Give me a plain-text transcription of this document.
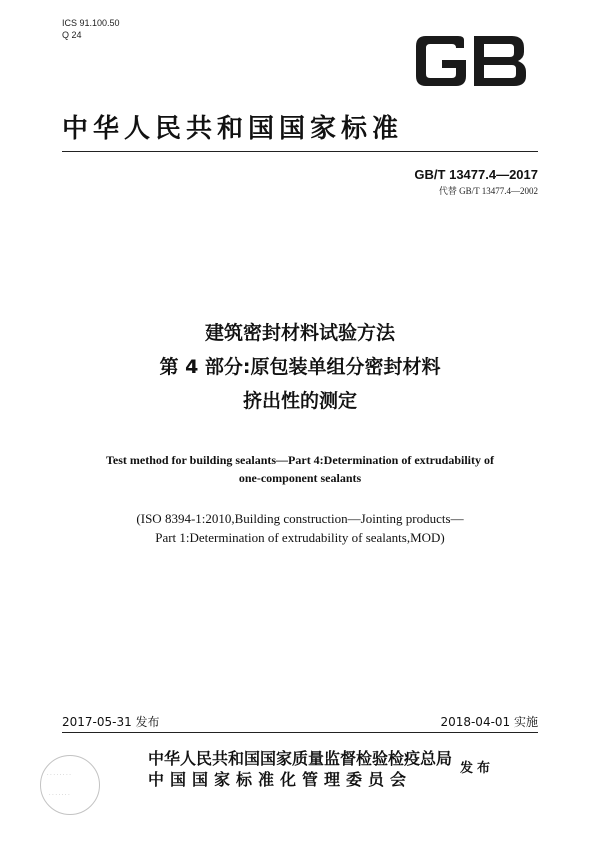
ICS 91.100.50
Q 24
中华人民共和国国家标准
GB/T 13477.4—2017
代替 GB/T 13477.4—2002
建筑密封材料试验方法
第 4 部分:原包装单组分密封材料
挤出性的测定
Test method for building sealants—Part 4:Determination of extrudability of
one-component sealants
(ISO 8394-1:2010,Building construction—Jointing products—
Part 1:Determination of extrudability of sealants,MOD)
2017-05-31 发布	2018-04-01 实施
· · · · · · · ·
· · · · · · ·
中华人民共和国国家质量监督检验检疫总局
中国国家标准化管理委员会
发布
